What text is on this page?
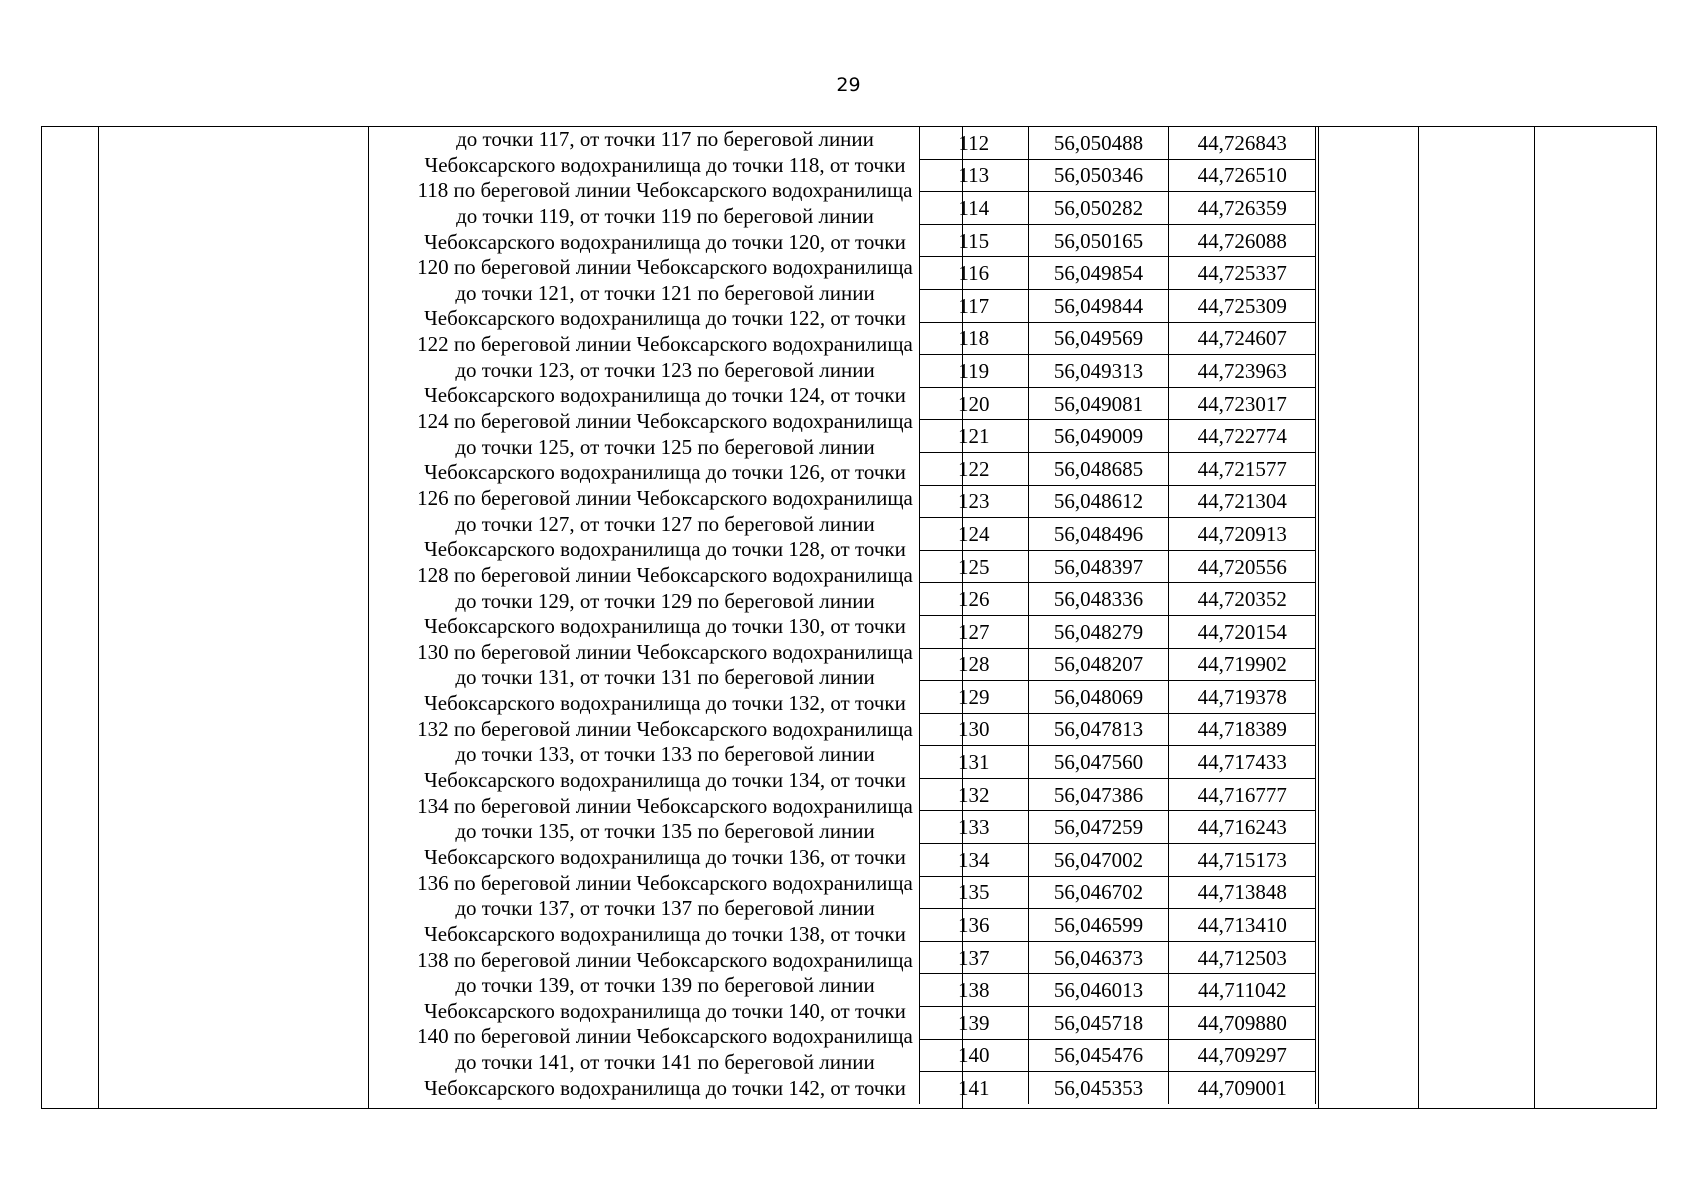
29
до точки 117, от точки 117 по береговой линии
Чебоксарского водохранилища до точки 118, от точки
118 по береговой линии Чебоксарского водохранилища
до точки 119, от точки 119 по береговой линии
Чебоксарского водохранилища до точки 120, от точки
120 по береговой линии Чебоксарского водохранилища
до точки 121, от точки 121 по береговой линии
Чебоксарского водохранилища до точки 122, от точки
122 по береговой линии Чебоксарского водохранилища
до точки 123, от точки 123 по береговой линии
Чебоксарского водохранилища до точки 124, от точки
124 по береговой линии Чебоксарского водохранилища
до точки 125, от точки 125 по береговой линии
Чебоксарского водохранилища до точки 126, от точки
126 по береговой линии Чебоксарского водохранилища
до точки 127, от точки 127 по береговой линии
Чебоксарского водохранилища до точки 128, от точки
128 по береговой линии Чебоксарского водохранилища
до точки 129, от точки 129 по береговой линии
Чебоксарского водохранилища до точки 130, от точки
130 по береговой линии Чебоксарского водохранилища
до точки 131, от точки 131 по береговой линии
Чебоксарского водохранилища до точки 132, от точки
132 по береговой линии Чебоксарского водохранилища
до точки 133, от точки 133 по береговой линии
Чебоксарского водохранилища до точки 134, от точки
134 по береговой линии Чебоксарского водохранилища
до точки 135, от точки 135 по береговой линии
Чебоксарского водохранилища до точки 136, от точки
136 по береговой линии Чебоксарского водохранилища
до точки 137, от точки 137 по береговой линии
Чебоксарского водохранилища до точки 138, от точки
138 по береговой линии Чебоксарского водохранилища
до точки 139, от точки 139 по береговой линии
Чебоксарского водохранилища до точки 140, от точки
140 по береговой линии Чебоксарского водохранилища
до точки 141, от точки 141 по береговой линии
Чебоксарского водохранилища до точки 142, от точки
112	56,050488	44,726843
113	56,050346	44,726510
114	56,050282	44,726359
115	56,050165	44,726088
116	56,049854	44,725337
117	56,049844	44,725309
118	56,049569	44,724607
119	56,049313	44,723963
120	56,049081	44,723017
121	56,049009	44,722774
122	56,048685	44,721577
123	56,048612	44,721304
124	56,048496	44,720913
125	56,048397	44,720556
126	56,048336	44,720352
127	56,048279	44,720154
128	56,048207	44,719902
129	56,048069	44,719378
130	56,047813	44,718389
131	56,047560	44,717433
132	56,047386	44,716777
133	56,047259	44,716243
134	56,047002	44,715173
135	56,046702	44,713848
136	56,046599	44,713410
137	56,046373	44,712503
138	56,046013	44,711042
139	56,045718	44,709880
140	56,045476	44,709297
141	56,045353	44,709001
